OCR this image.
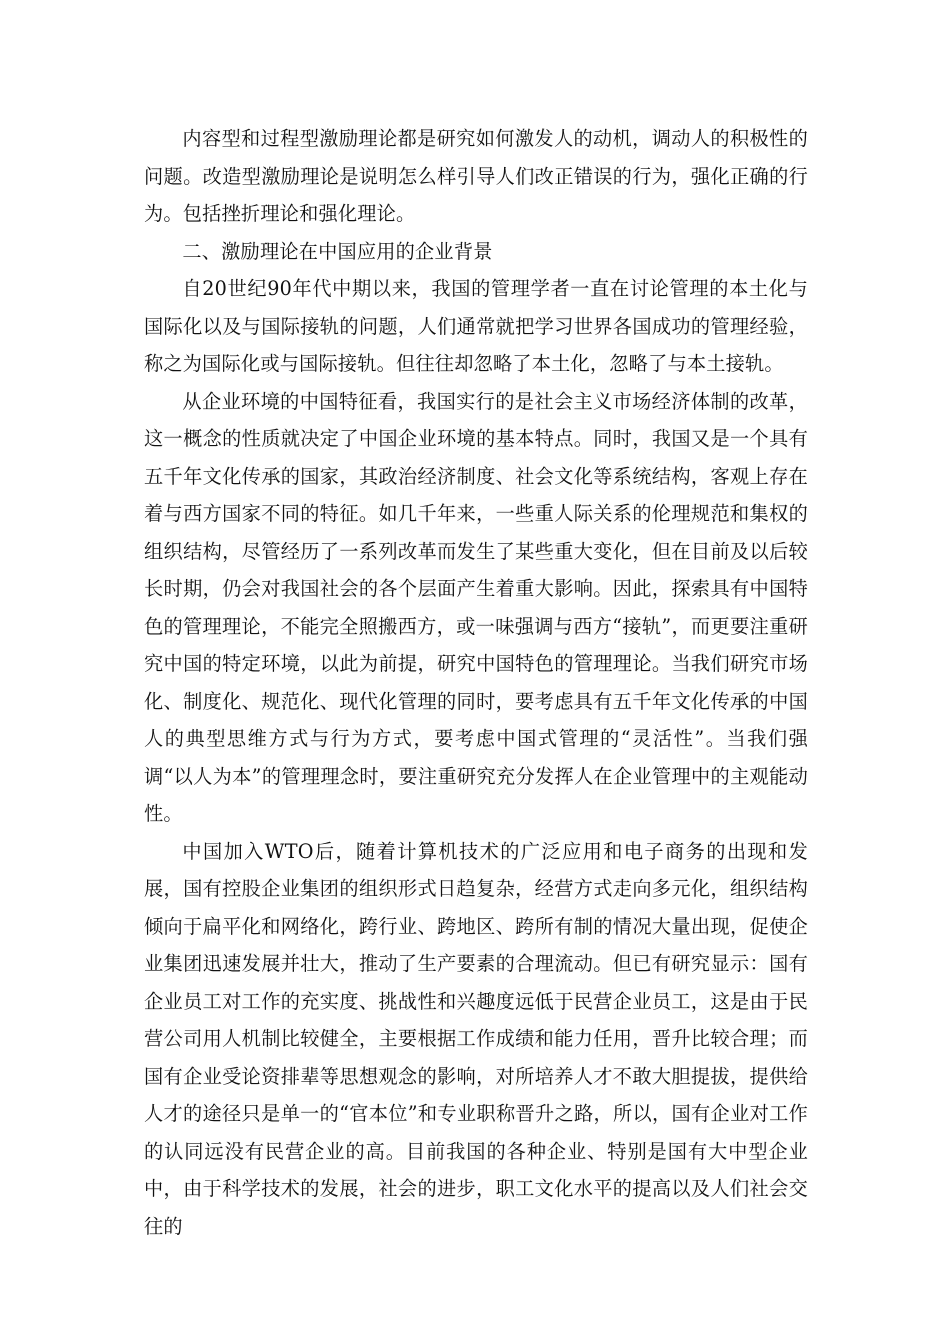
内容型和过程型激励理论都是研究如何激发人的动机，调动人的积极性的问题。改造型激励理论是说明怎么样引导人们改正错误的行为，强化正确的行为。包括挫折理论和强化理论。

二、激励理论在中国应用的企业背景

自20世纪90年代中期以来，我国的管理学者一直在讨论管理的本土化与国际化以及与国际接轨的问题，人们通常就把学习世界各国成功的管理经验，称之为国际化或与国际接轨。但往往却忽略了本土化，忽略了与本土接轨。

从企业环境的中国特征看，我国实行的是社会主义市场经济体制的改革，这一概念的性质就决定了中国企业环境的基本特点。同时，我国又是一个具有五千年文化传承的国家，其政治经济制度、社会文化等系统结构，客观上存在着与西方国家不同的特征。如几千年来，一些重人际关系的伦理规范和集权的组织结构，尽管经历了一系列改革而发生了某些重大变化，但在目前及以后较长时期，仍会对我国社会的各个层面产生着重大影响。因此，探索具有中国特色的管理理论，不能完全照搬西方，或一味强调与西方“接轨”，而更要注重研究中国的特定环境，以此为前提，研究中国特色的管理理论。当我们研究市场化、制度化、规范化、现代化管理的同时，要考虑具有五千年文化传承的中国人的典型思维方式与行为方式，要考虑中国式管理的“灵活性”。当我们强调“以人为本”的管理理念时，要注重研究充分发挥人在企业管理中的主观能动性。

中国加入WTO后，随着计算机技术的广泛应用和电子商务的出现和发展，国有控股企业集团的组织形式日趋复杂，经营方式走向多元化，组织结构倾向于扁平化和网络化，跨行业、跨地区、跨所有制的情况大量出现，促使企业集团迅速发展并壮大，推动了生产要素的合理流动。但已有研究显示：国有企业员工对工作的充实度、挑战性和兴趣度远低于民营企业员工，这是由于民营公司用人机制比较健全，主要根据工作成绩和能力任用，晋升比较合理；而国有企业受论资排辈等思想观念的影响，对所培养人才不敢大胆提拔，提供给人才的途径只是单一的“官本位”和专业职称晋升之路，所以，国有企业对工作的认同远没有民营企业的高。目前我国的各种企业、特别是国有大中型企业中，由于科学技术的发展，社会的进步，职工文化水平的提高以及人们社会交往的
